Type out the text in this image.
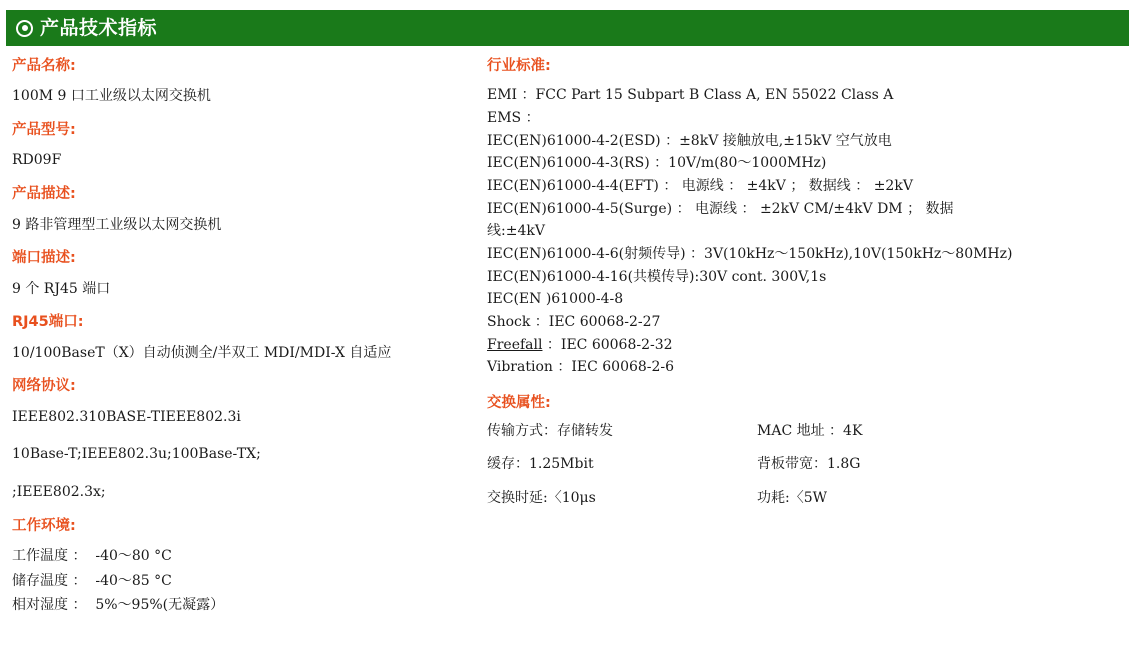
产品技术指标

产品名称:

100M 9 口工业级以太网交换机

产品型号:

RD09F

产品描述:

9 路非管理型工业级以太网交换机

端口描述:

9 个 RJ45 端口

RJ45端口:

10/100BaseT（X）自动侦测全/半双工 MDI/MDI-X 自适应

网络协议:

IEEE802.310BASE-TIEEE802.3i

10Base-T;IEEE802.3u;100Base-TX;

;IEEE802.3x;

工作环境:

工作温度 ：  -40～80 °C

储存温度 ：  -40～85 °C

相对湿度 ：  5%～95%(无凝露）

行业标准:

EMI ：FCC Part 15 Subpart B Class A, EN 55022 Class A

EMS ：

IEC(EN)61000-4-2(ESD) ：±8kV 接触放电,±15kV 空气放电

IEC(EN)61000-4-3(RS) ：10V/m(80～1000MHz)

IEC(EN)61000-4-4(EFT) ： 电源线 ： ±4kV ； 数据线 ： ±2kV

IEC(EN)61000-4-5(Surge) ： 电源线 ： ±2kV CM/±4kV DM ； 数据

线:±4kV

IEC(EN)61000-4-6(射频传导) ：3V(10kHz～150kHz),10V(150kHz～80MHz)

IEC(EN)61000-4-16(共模传导):30V cont. 300V,1s

IEC(EN )61000-4-8

Shock ：IEC 60068-2-27

Freefall ：IEC 60068-2-32

Vibration ：IEC 60068-2-6

交换属性:

传输方式：存储转发	MAC 地址 ：4K
缓存：1.25Mbit	背板带宽：1.8G
交换时延:〈10μs	功耗:〈5W
